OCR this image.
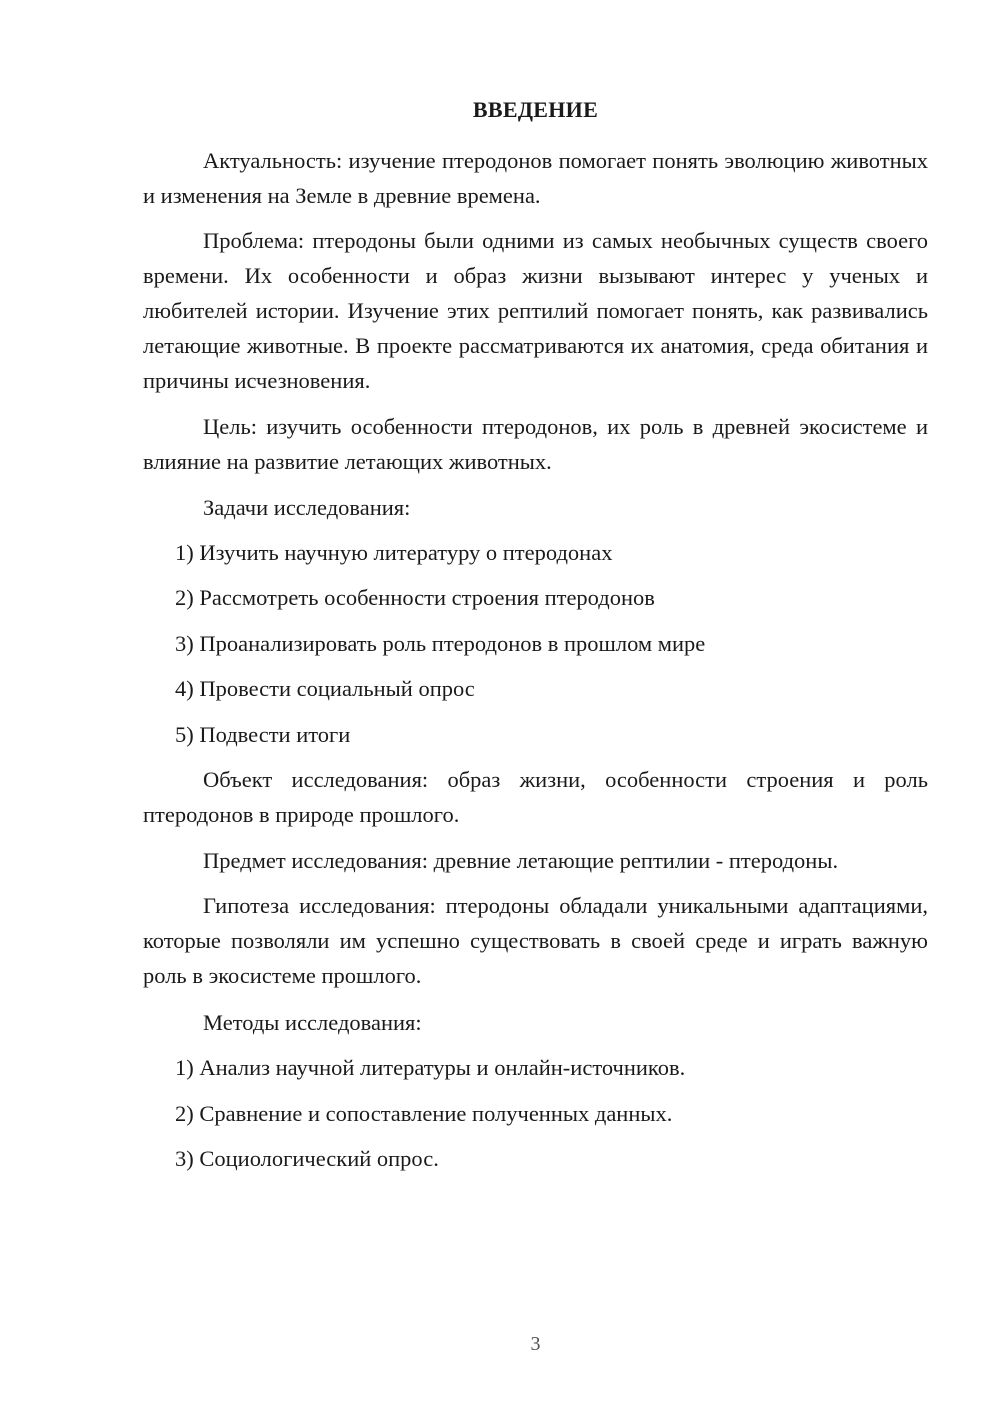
ВВЕДЕНИЕ
Актуальность: изучение птеродонов помогает понять эволюцию животных и изменения на Земле в древние времена.
Проблема: птеродоны были одними из самых необычных существ своего времени. Их особенности и образ жизни вызывают интерес у ученых и любителей истории. Изучение этих рептилий помогает понять, как развивались летающие животные. В проекте рассматриваются их анатомия, среда обитания и причины исчезновения.
Цель: изучить особенности птеродонов, их роль в древней экосистеме и влияние на развитие летающих животных.
Задачи исследования:
1) Изучить научную литературу о птеродонах
2) Рассмотреть особенности строения птеродонов
3) Проанализировать роль птеродонов в прошлом мире
4) Провести социальный опрос
5) Подвести итоги
Объект исследования: образ жизни, особенности строения и роль птеродонов в природе прошлого.
Предмет исследования: древние летающие рептилии - птеродоны.
Гипотеза исследования: птеродоны обладали уникальными адаптациями, которые позволяли им успешно существовать в своей среде и играть важную роль в экосистеме прошлого.
Методы исследования:
1) Анализ научной литературы и онлайн-источников.
2) Сравнение и сопоставление полученных данных.
3) Социологический опрос.
3
